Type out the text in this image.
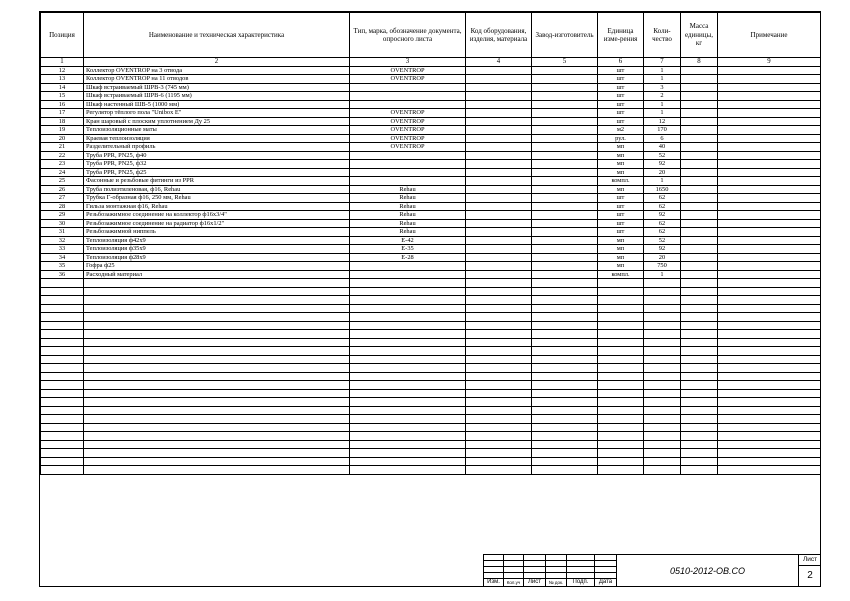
Позиция	Наименование и техническая характеристика	Тип, марка, обозначение документа, опросного листа	Код оборудования, изделия, материала	Завод-изготовитель	Единица изме-рения	Коли-чество	Масса единицы, кг	Примечание
1	2	3	4	5	6	7	8	9
12	Коллектор OVENTROP на 3 отвода	OVENTROP			шт	1		
13	Коллектор OVENTROP на 11 отводов	OVENTROP			шт	1		
14	Шкаф встраиваемый ШРВ-3 (745 мм)				шт	3		
15	Шкаф встраиваемый ШРВ-6 (1195 мм)				шт	2		
16	Шкаф настенный ШВ-5 (1000 мм)				шт	1		
17	Регулятор тёплого пола "Unibox E"	OVENTROP			шт	1		
18	Кран шаровый с плоским уплотнением Ду 25	OVENTROP			шт	12		
19	Теплоизоляционные маты	OVENTROP			м2	170		
20	Краевая теплоизоляция	OVENTROP			рул.	6		
21	Разделительный профиль	OVENTROP			мп	40		
22	Труба PPR, PN25, ф40				мп	52		
23	Труба PPR, PN25, ф32				мп	92		
24	Труба PPR, PN25, ф25				мп	20		
25	Фасонные и резьбовые фитинги из PPR				компл.	1		
26	Труба полиэтиленовая, ф16, Rehau	Rehau			мп	1650		
27	Трубка Г-образная ф16, 250 мм, Rehau	Rehau			шт	62		
28	Гильза монтажная ф16, Rehau	Rehau			шт	62		
29	Резьбозажимное соединение на коллектор ф16x3/4"	Rehau			шт	92		
30	Резьбозажимное соединение на радиатор ф16x1/2"	Rehau			шт	62		
31	Резьбозажимной ниппель	Rehau			шт	62		
32	Теплоизоляция ф42x9	E-42			мп	52		
33	Теплоизоляция ф35x9	E-35			мп	92		
34	Теплоизоляция ф28x9	E-28			мп	20		
35	Гофра ф25				мп	750		
36	Расходный материал				компл.	1		

Изм.	Кол.уч	Лист	№ док.	Подп.	Дата
0510-2012-ОВ.СО
Лист
2
